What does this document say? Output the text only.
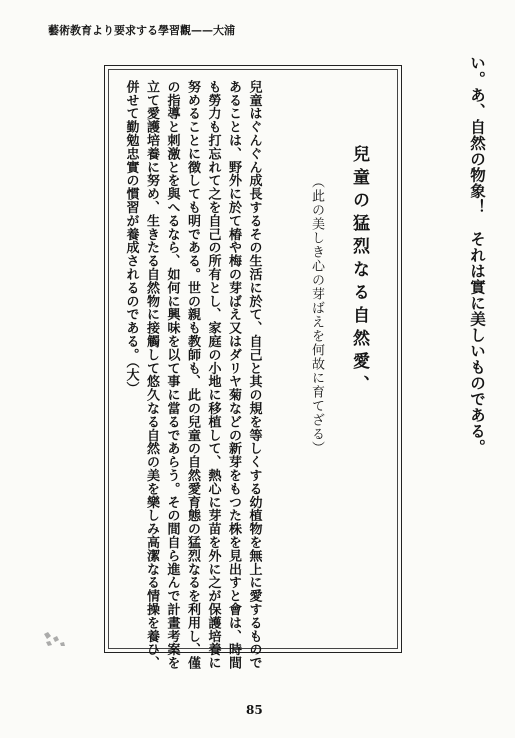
藝術教育より要求する學習觀——大浦
い。あ、自然の物象！　それは實に美しいものである。
兒童の猛烈なる自然愛、
（此の美しき心の芽ばえを何故に育てざる）
兒童はぐんぐん成長するその生活に於て、自己と其の規を等しくする幼植物を無上に愛するもので
あることは、野外に於て椿や梅の芽ばえ又はダリヤ菊などの新芽をもつた株を見出すと會は、時間
も勞力も打忘れて之を自己の所有とし、家庭の小地に移植して、熱心に芽苗を外に之が保護培養に
努めることに徴しても明である。世の親も教師も、此の兒童の自然愛育態の猛烈なるを利用し、僅
の指導と刺激とを與へるなら、如何に興味を以て事に當るであらう。その間自ら進んで計畫考案を
立て愛護培養に努め、生きたる自然物に接觸して悠久なる自然の美を樂しみ高潔なる情操を養ひ、
併せて勤勉忠實の慣習が養成されるのである。（大）
85
